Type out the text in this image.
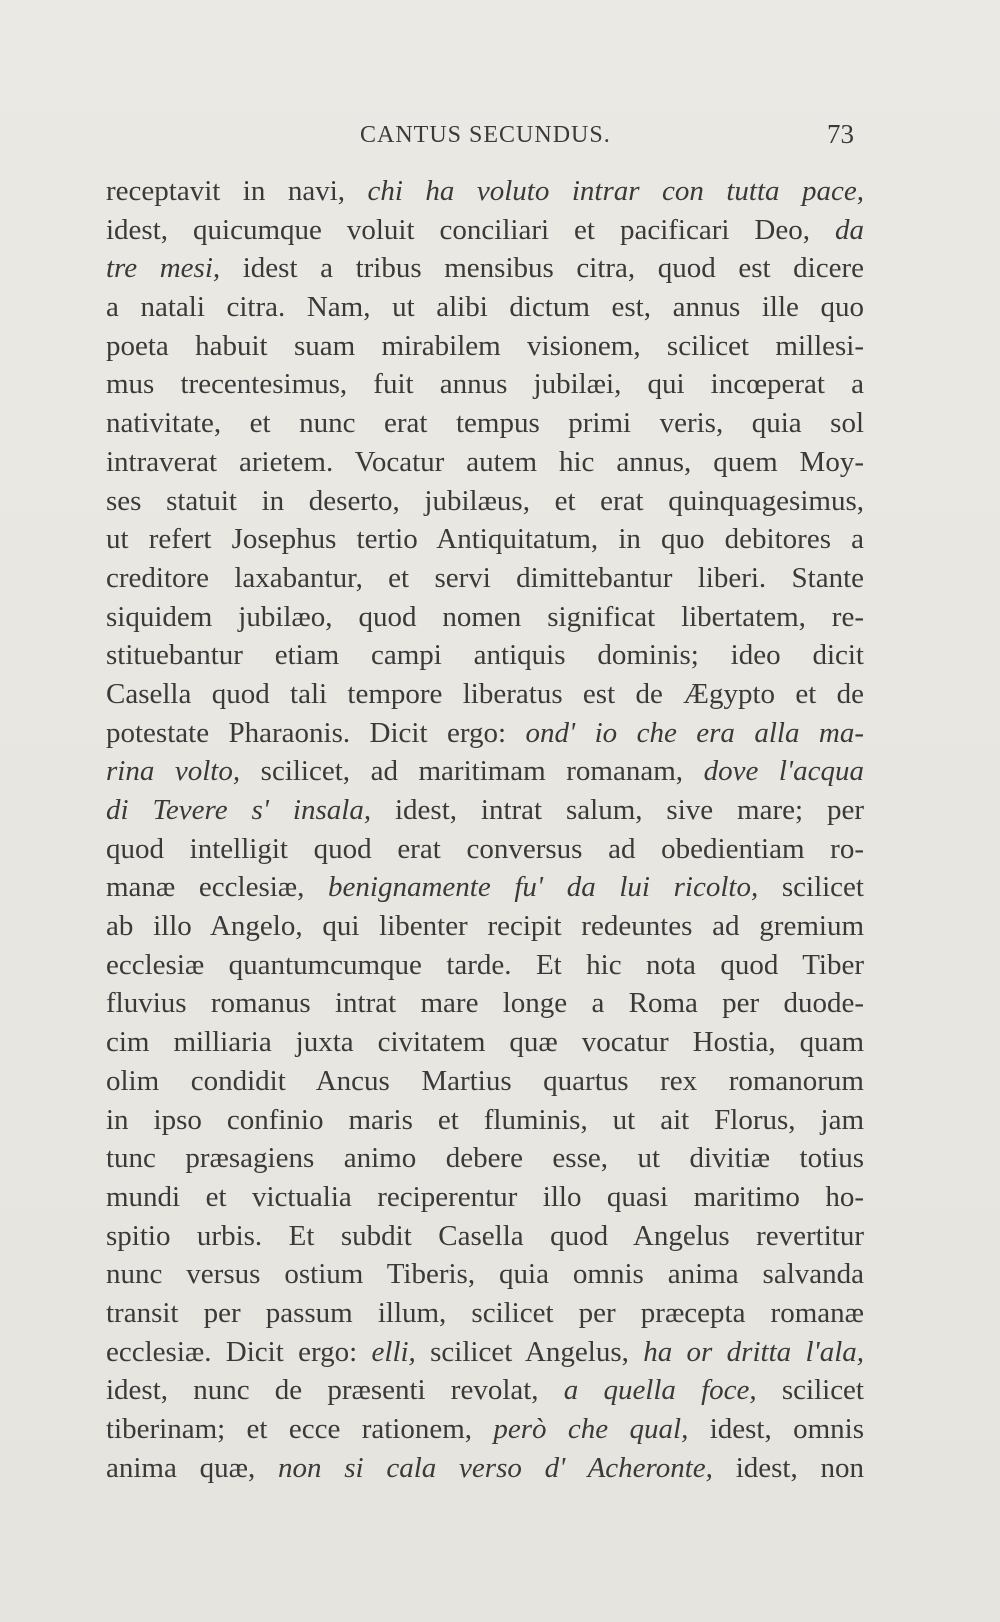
CANTUS SECUNDUS.	73
receptavit in navi, chi ha voluto intrar con tutta pace,
idest, quicumque voluit conciliari et pacificari Deo, da
tre mesi, idest a tribus mensibus citra, quod est dicere
a natali citra. Nam, ut alibi dictum est, annus ille quo
poeta habuit suam mirabilem visionem, scilicet millesi-
mus trecentesimus, fuit annus jubilæi, qui incœperat a
nativitate, et nunc erat tempus primi veris, quia sol
intraverat arietem. Vocatur autem hic annus, quem Moy-
ses statuit in deserto, jubilæus, et erat quinquagesimus,
ut refert Josephus tertio Antiquitatum, in quo debitores a
creditore laxabantur, et servi dimittebantur liberi. Stante
siquidem jubilæo, quod nomen significat libertatem, re-
stituebantur etiam campi antiquis dominis; ideo dicit
Casella quod tali tempore liberatus est de Ægypto et de
potestate Pharaonis. Dicit ergo: ond' io che era alla ma-
rina volto, scilicet, ad maritimam romanam, dove l'acqua
di Tevere s' insala, idest, intrat salum, sive mare; per
quod intelligit quod erat conversus ad obedientiam ro-
manæ ecclesiæ, benignamente fu' da lui ricolto, scilicet
ab illo Angelo, qui libenter recipit redeuntes ad gremium
ecclesiæ quantumcumque tarde. Et hic nota quod Tiber
fluvius romanus intrat mare longe a Roma per duode-
cim milliaria juxta civitatem quæ vocatur Hostia, quam
olim condidit Ancus Martius quartus rex romanorum
in ipso confinio maris et fluminis, ut ait Florus, jam
tunc præsagiens animo debere esse, ut divitiæ totius
mundi et victualia reciperentur illo quasi maritimo ho-
spitio urbis. Et subdit Casella quod Angelus revertitur
nunc versus ostium Tiberis, quia omnis anima salvanda
transit per passum illum, scilicet per præcepta romanæ
ecclesiæ. Dicit ergo: elli, scilicet Angelus, ha or dritta l'ala,
idest, nunc de præsenti revolat, a quella foce, scilicet
tiberinam; et ecce rationem, però che qual, idest, omnis
anima quæ, non si cala verso d' Acheronte, idest, non
